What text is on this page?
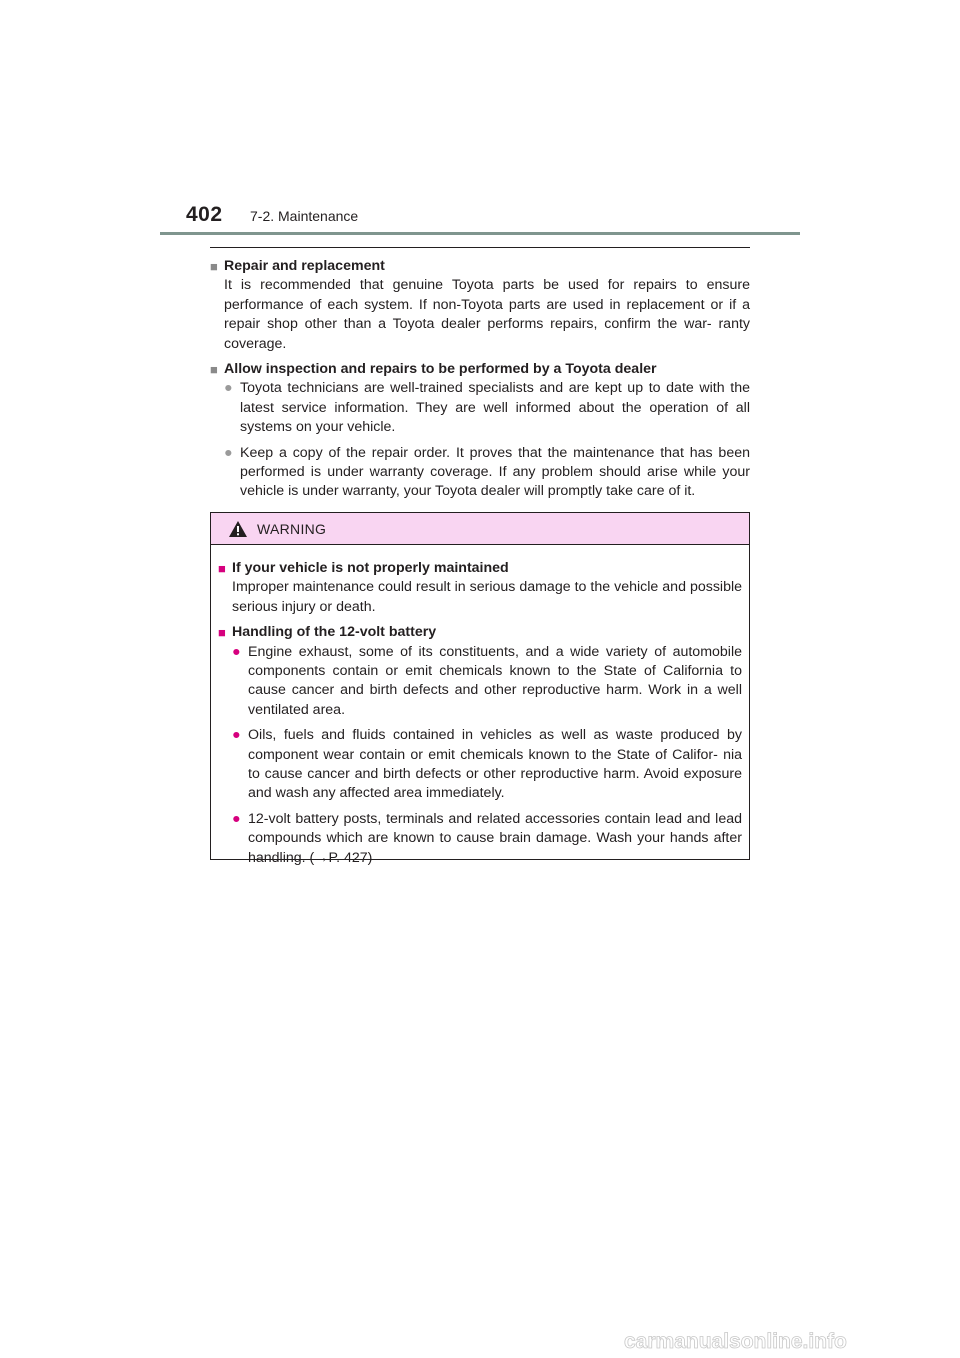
402 7-2. Maintenance
■ Repair and replacement
It is recommended that genuine Toyota parts be used for repairs to ensure performance of each system. If non-Toyota parts are used in replacement or if a repair shop other than a Toyota dealer performs repairs, confirm the war- ranty coverage.
■ Allow inspection and repairs to be performed by a Toyota dealer
● Toyota technicians are well-trained specialists and are kept up to date with the latest service information. They are well informed about the operation of all systems on your vehicle.
● Keep a copy of the repair order. It proves that the maintenance that has been performed is under warranty coverage. If any problem should arise while your vehicle is under warranty, your Toyota dealer will promptly take care of it.
WARNING
■ If your vehicle is not properly maintained
Improper maintenance could result in serious damage to the vehicle and possible serious injury or death.
■ Handling of the 12-volt battery
● Engine exhaust, some of its constituents, and a wide variety of automobile components contain or emit chemicals known to the State of California to cause cancer and birth defects and other reproductive harm. Work in a well ventilated area.
● Oils, fuels and fluids contained in vehicles as well as waste produced by component wear contain or emit chemicals known to the State of Califor- nia to cause cancer and birth defects or other reproductive harm. Avoid exposure and wash any affected area immediately.
● 12-volt battery posts, terminals and related accessories contain lead and lead compounds which are known to cause brain damage. Wash your hands after handling. (→P. 427)
carmanualsonline.info
